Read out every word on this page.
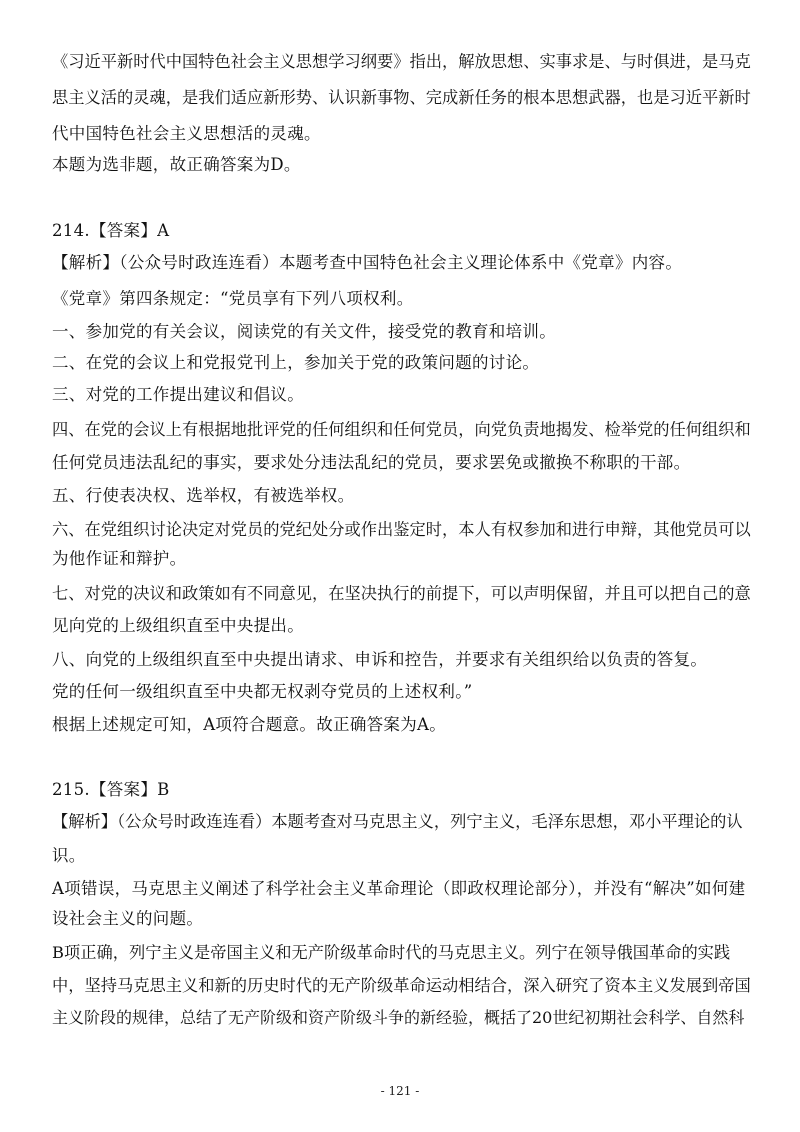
《习近平新时代中国特色社会主义思想学习纲要》指出，解放思想、实事求是、与时俱进，是马克
思主义活的灵魂，是我们适应新形势、认识新事物、完成新任务的根本思想武器，也是习近平新时
代中国特色社会主义思想活的灵魂。
本题为选非题，故正确答案为D。
214.【答案】A
【解析】（公众号时政连连看）本题考查中国特色社会主义理论体系中《党章》内容。
《党章》第四条规定：“党员享有下列八项权利。
一、参加党的有关会议，阅读党的有关文件，接受党的教育和培训。
二、在党的会议上和党报党刊上，参加关于党的政策问题的讨论。
三、对党的工作提出建议和倡议。
四、在党的会议上有根据地批评党的任何组织和任何党员，向党负责地揭发、检举党的任何组织和
任何党员违法乱纪的事实，要求处分违法乱纪的党员，要求罢免或撤换不称职的干部。
五、行使表决权、选举权，有被选举权。
六、在党组织讨论决定对党员的党纪处分或作出鉴定时，本人有权参加和进行申辩，其他党员可以
为他作证和辩护。
七、对党的决议和政策如有不同意见，在坚决执行的前提下，可以声明保留，并且可以把自己的意
见向党的上级组织直至中央提出。
八、向党的上级组织直至中央提出请求、申诉和控告，并要求有关组织给以负责的答复。
党的任何一级组织直至中央都无权剥夺党员的上述权利。”
根据上述规定可知，A项符合题意。故正确答案为A。
215.【答案】B
【解析】（公众号时政连连看）本题考查对马克思主义，列宁主义，毛泽东思想，邓小平理论的认
识。
A项错误，马克思主义阐述了科学社会主义革命理论（即政权理论部分），并没有“解决”如何建
设社会主义的问题。
B项正确，列宁主义是帝国主义和无产阶级革命时代的马克思主义。列宁在领导俄国革命的实践
中，坚持马克思主义和新的历史时代的无产阶级革命运动相结合，深入研究了资本主义发展到帝国
主义阶段的规律，总结了无产阶级和资产阶级斗争的新经验，概括了20世纪初期社会科学、自然科
- 121 -
